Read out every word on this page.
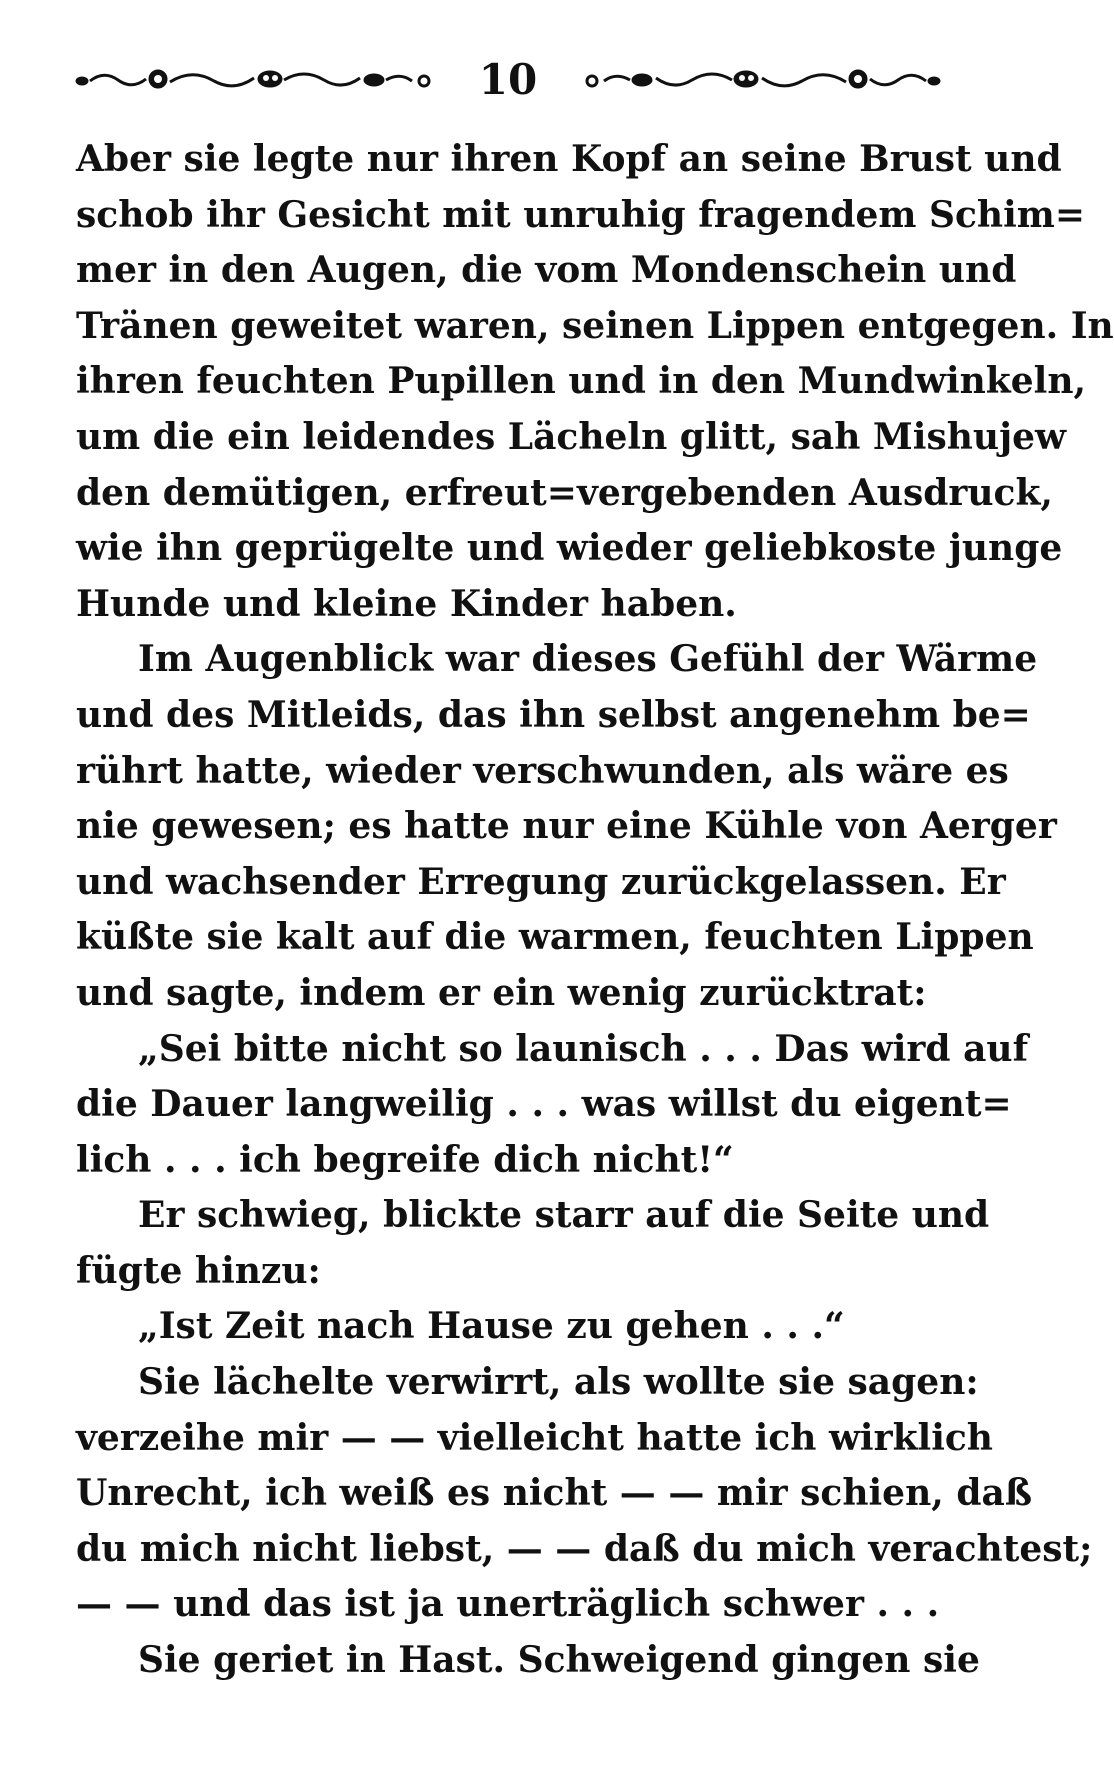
10
Aber sie legte nur ihren Kopf an seine Brust und
schob ihr Gesicht mit unruhig fragendem Schim=
mer in den Augen, die vom Mondenschein und
Tränen geweitet waren, seinen Lippen entgegen. In
ihren feuchten Pupillen und in den Mundwinkeln,
um die ein leidendes Lächeln glitt, sah Mishujew
den demütigen, erfreut=vergebenden Ausdruck,
wie ihn geprügelte und wieder geliebkoste junge
Hunde und kleine Kinder haben.
Im Augenblick war dieses Gefühl der Wärme
und des Mitleids, das ihn selbst angenehm be=
rührt hatte, wieder verschwunden, als wäre es
nie gewesen; es hatte nur eine Kühle von Aerger
und wachsender Erregung zurückgelassen. Er
küßte sie kalt auf die warmen, feuchten Lippen
und sagte, indem er ein wenig zurücktrat:
„Sei bitte nicht so launisch . . . Das wird auf
die Dauer langweilig . . . was willst du eigent=
lich . . . ich begreife dich nicht!“
Er schwieg, blickte starr auf die Seite und
fügte hinzu:
„Ist Zeit nach Hause zu gehen . . .“
Sie lächelte verwirrt, als wollte sie sagen:
verzeihe mir — — vielleicht hatte ich wirklich
Unrecht, ich weiß es nicht — — mir schien, daß
du mich nicht liebst, — — daß du mich verachtest;
— — und das ist ja unerträglich schwer . . .
Sie geriet in Hast. Schweigend gingen sie
